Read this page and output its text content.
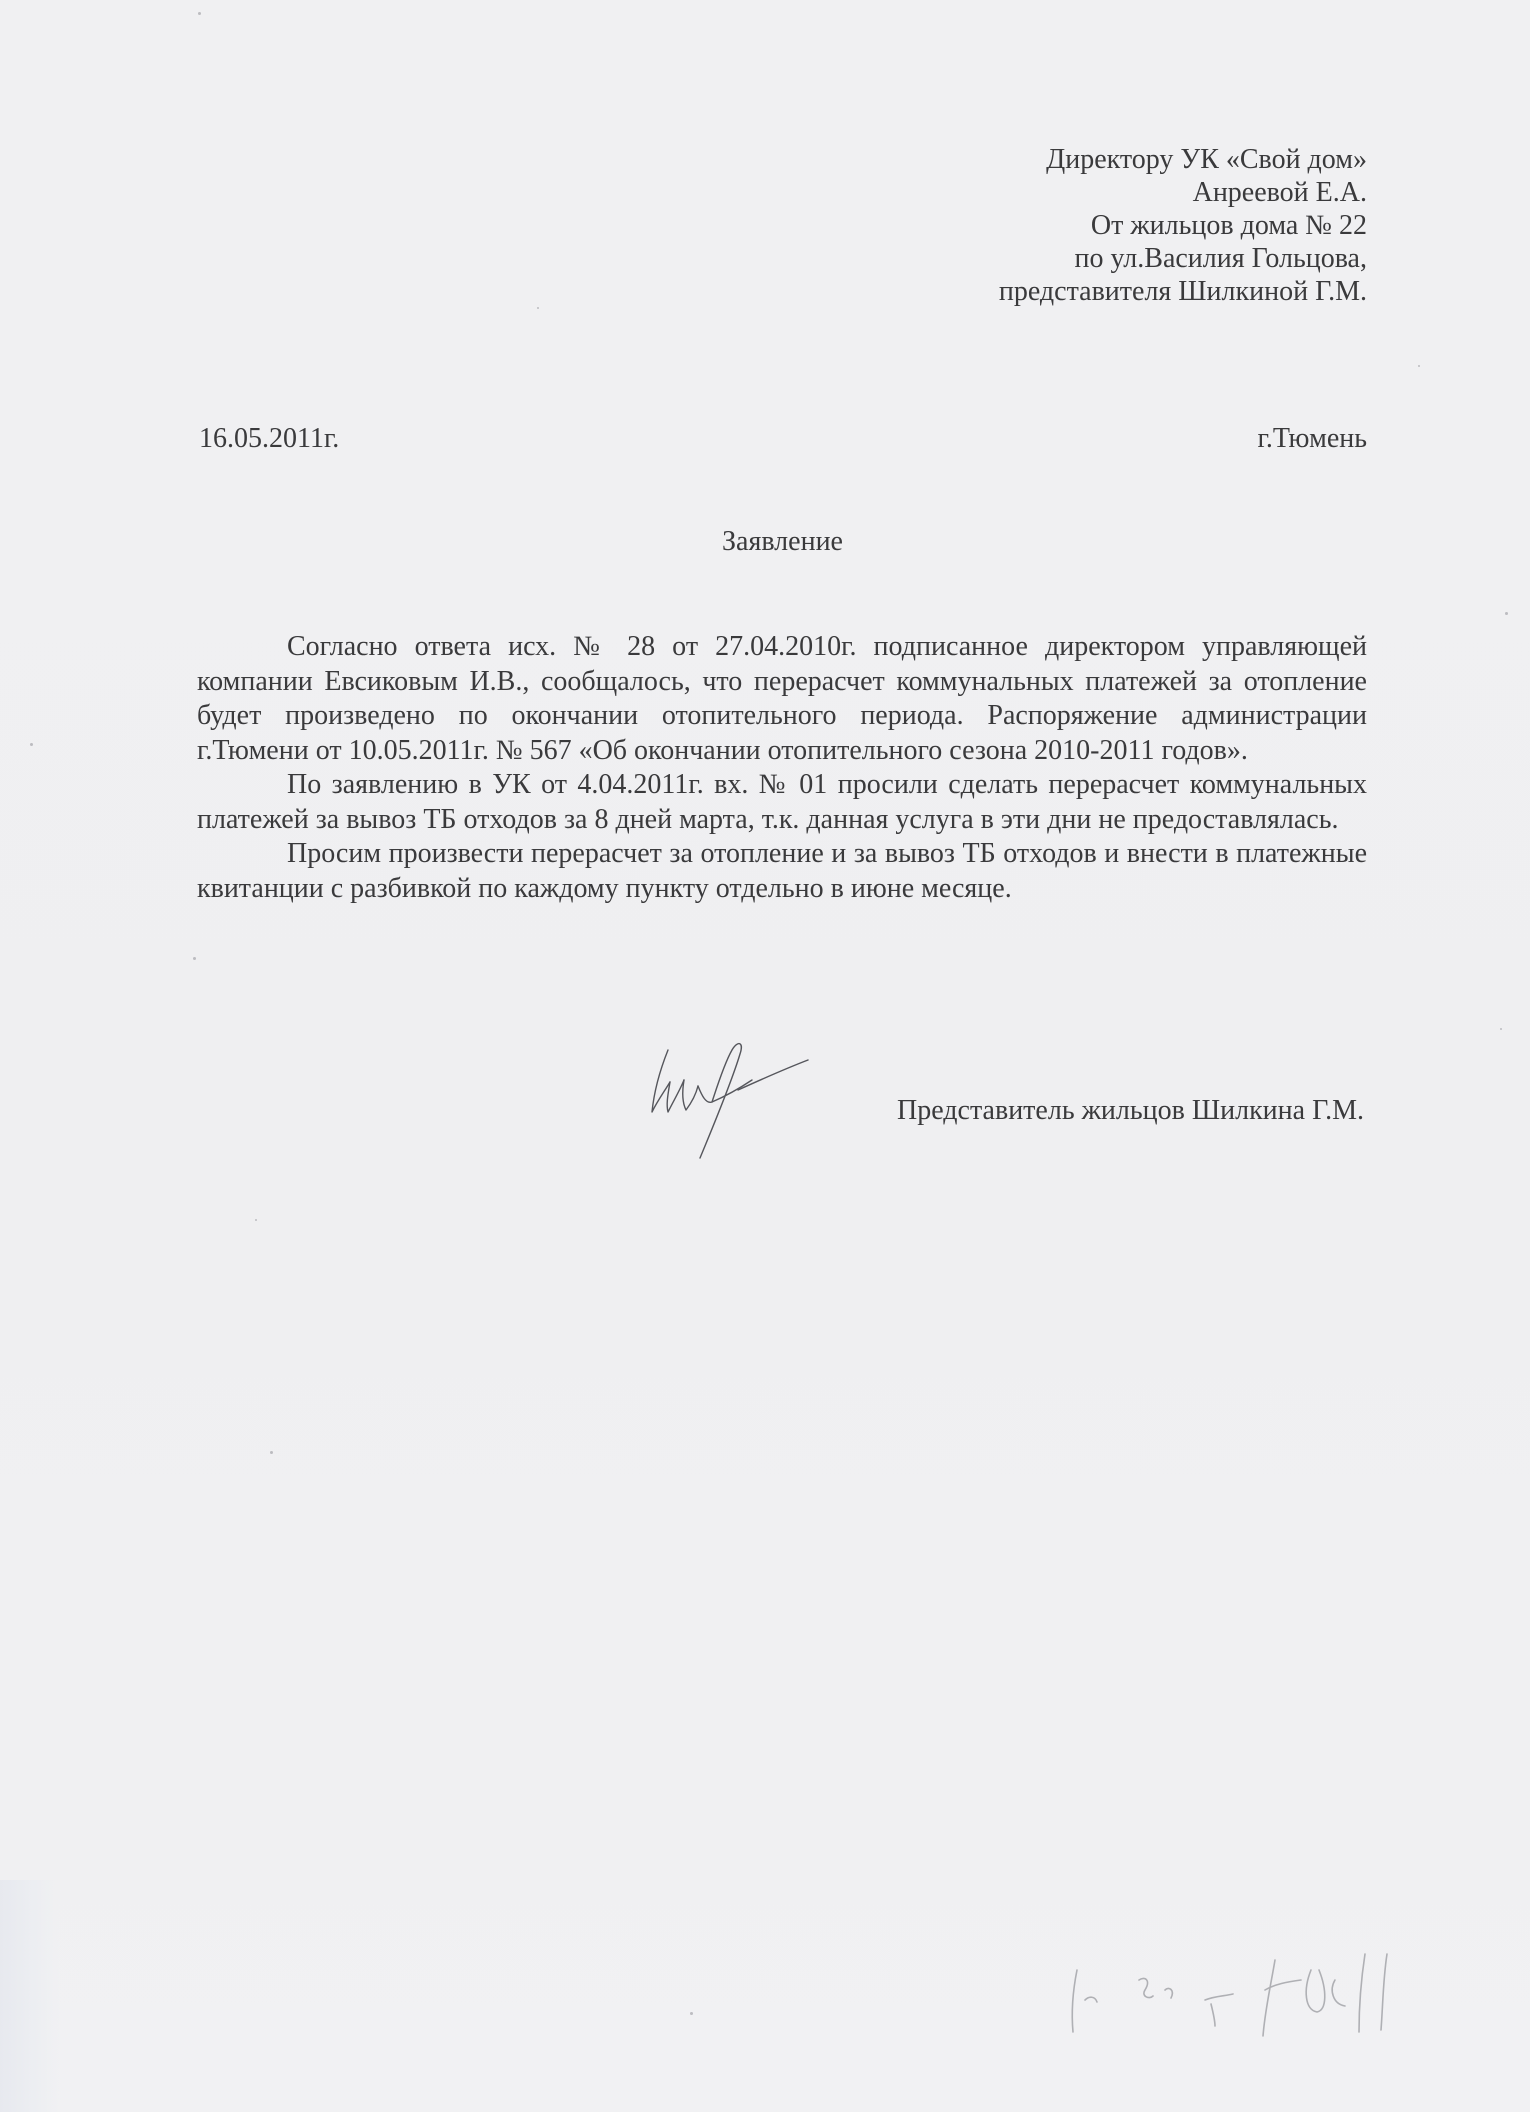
Директору УК «Свой дом»
Анреевой Е.А.
От жильцов дома № 22
по ул.Василия Гольцова,
представителя Шилкиной Г.М.
16.05.2011г.	г.Тюмень
Заявление

Согласно ответа исх. № 28 от 27.04.2010г. подписанное директором управляющей компании Евсиковым И.В., сообщалось, что перерасчет коммунальных платежей за отопление будет произведено по окончании отопительного периода. Распоряжение администрации г.Тюмени от 10.05.2011г. № 567 «Об окончании отопительного сезона 2010-2011 годов».

По заявлению в УК от 4.04.2011г. вх. № 01 просили сделать перерасчет коммунальных платежей за вывоз ТБ отходов за 8 дней марта, т.к. данная услуга в эти дни не предоставлялась.

Просим произвести перерасчет за отопление и за вывоз ТБ отходов и внести в платежные квитанции с разбивкой по каждому пункту отдельно в июне месяце.

Представитель жильцов Шилкина Г.М.
